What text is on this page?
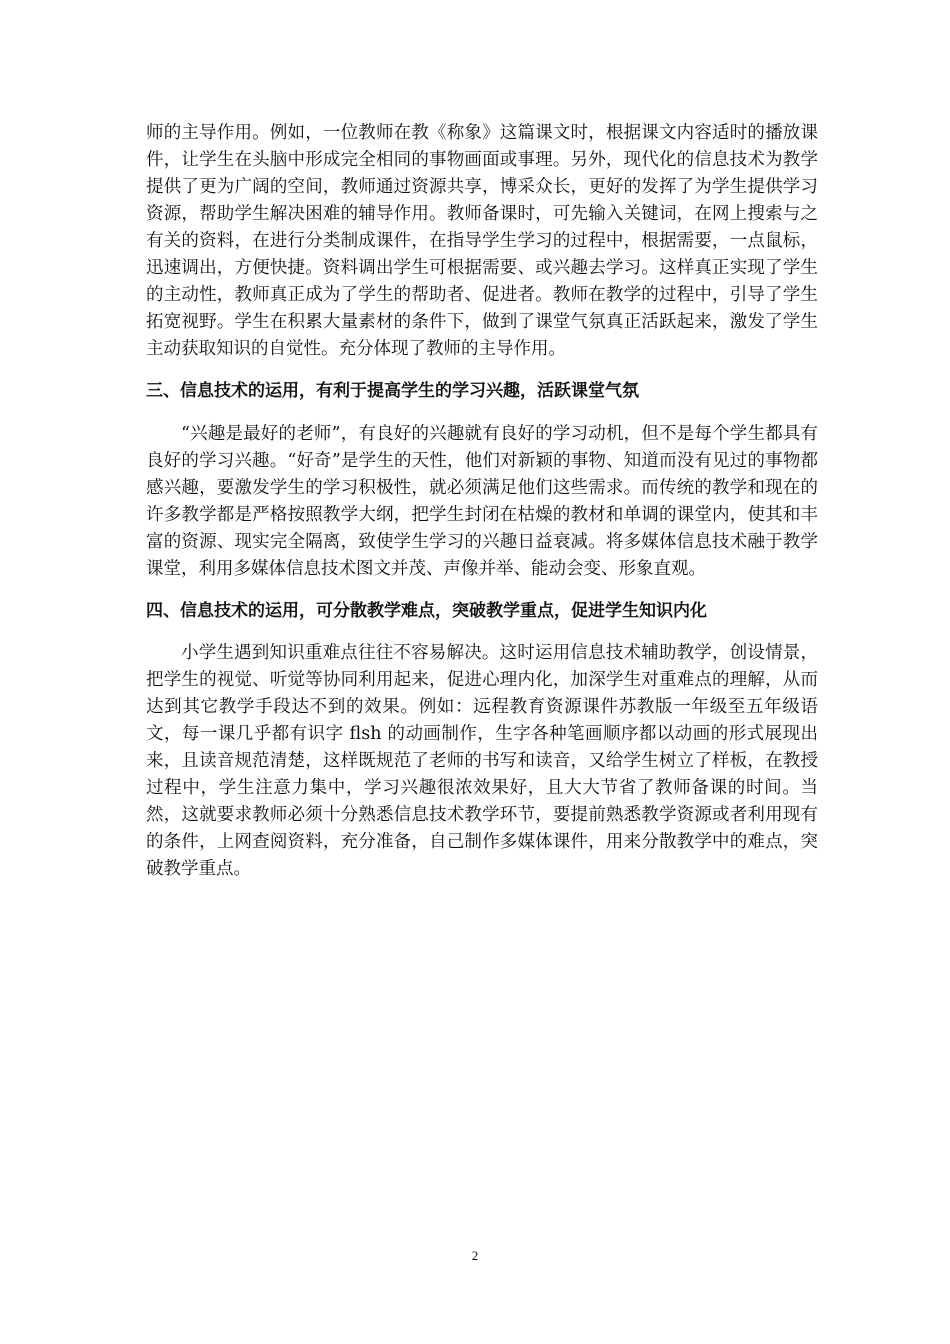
师的主导作用。例如，一位教师在教《称象》这篇课文时，根据课文内容适时的播放课件，让学生在头脑中形成完全相同的事物画面或事理。另外，现代化的信息技术为教学提供了更为广阔的空间，教师通过资源共享，博采众长，更好的发挥了为学生提供学习资源，帮助学生解决困难的辅导作用。教师备课时，可先输入关键词，在网上搜索与之有关的资料，在进行分类制成课件，在指导学生学习的过程中，根据需要，一点鼠标，迅速调出，方便快捷。资料调出学生可根据需要、或兴趣去学习。这样真正实现了学生的主动性，教师真正成为了学生的帮助者、促进者。教师在教学的过程中，引导了学生拓宽视野。学生在积累大量素材的条件下，做到了课堂气氛真正活跃起来，激发了学生主动获取知识的自觉性。充分体现了教师的主导作用。

三、信息技术的运用，有利于提高学生的学习兴趣，活跃课堂气氛

“兴趣是最好的老师”，有良好的兴趣就有良好的学习动机，但不是每个学生都具有良好的学习兴趣。“好奇”是学生的天性，他们对新颖的事物、知道而没有见过的事物都感兴趣，要激发学生的学习积极性，就必须满足他们这些需求。而传统的教学和现在的许多教学都是严格按照教学大纲，把学生封闭在枯燥的教材和单调的课堂内，使其和丰富的资源、现实完全隔离，致使学生学习的兴趣日益衰减。将多媒体信息技术融于教学课堂，利用多媒体信息技术图文并茂、声像并举、能动会变、形象直观。

四、信息技术的运用，可分散教学难点，突破教学重点，促进学生知识内化

小学生遇到知识重难点往往不容易解决。这时运用信息技术辅助教学，创设情景，把学生的视觉、听觉等协同利用起来，促进心理内化，加深学生对重难点的理解，从而达到其它教学手段达不到的效果。例如：远程教育资源课件苏教版一年级至五年级语文，每一课几乎都有识字 flsh 的动画制作，生字各种笔画顺序都以动画的形式展现出来，且读音规范清楚，这样既规范了老师的书写和读音，又给学生树立了样板，在教授过程中，学生注意力集中，学习兴趣很浓效果好，且大大节省了教师备课的时间。当然，这就要求教师必须十分熟悉信息技术教学环节，要提前熟悉教学资源或者利用现有的条件，上网查阅资料，充分准备，自己制作多媒体课件，用来分散教学中的难点，突破教学重点。

2
